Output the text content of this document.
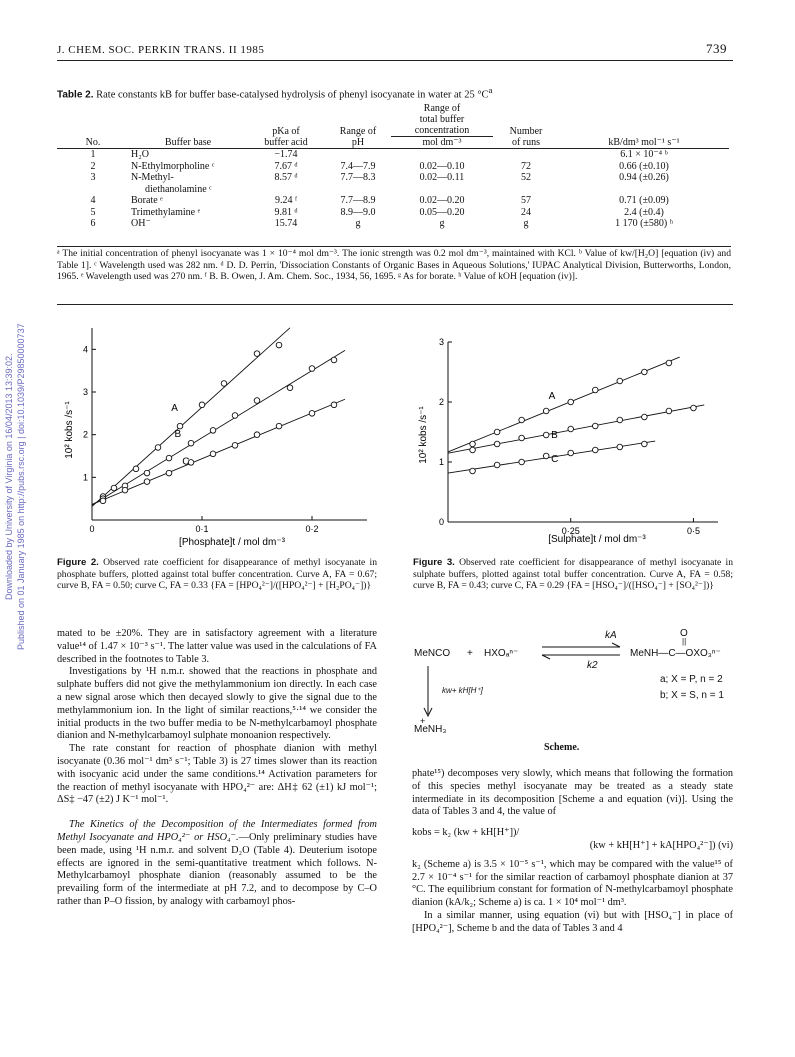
J. CHEM. SOC. PERKIN TRANS. II 1985	739
Downloaded by University of Virginia on 16/04/2013 13:39:02. Published on 01 January 1985 on http://pubs.rsc.org | doi:10.1039/P29850000737
Table 2. Rate constants kB for buffer base-catalysed hydrolysis of phenyl isocyanate in water at 25 $^\circ C^a$
				Range of		
				total buffer		
		pKa of	Range of	concentration	Number	
No.	Buffer base	buffer acid	pH	mol dm⁻³	of runs	kB/dm³ mol⁻¹ s⁻¹
1	H₂O	−1.74				6.1 × 10⁻⁴ ᵇ
2	N-Ethylmorpholine ᶜ	7.67 ᵈ	7.4—7.9	0.02—0.10	72	0.66 (±0.10)
3	N-Methyl-	8.57 ᵈ	7.7—8.3	0.02—0.11	52	0.94 (±0.26)
	diethanolamine ᶜ					
4	Borate ᵉ	9.24 ᶠ	7.7—8.9	0.02—0.20	57	0.71 (±0.09)
5	Trimethylamine ᵉ	9.81 ᵈ	8.9—9.0	0.05—0.20	24	2.4 (±0.4)
6	OH⁻	15.74	g	g	g	1 170 (±580) ʰ
ᵃ The initial concentration of phenyl isocyanate was 1 × 10⁻⁴ mol dm⁻³. The ionic strength was 0.2 mol dm⁻³, maintained with KCl. ᵇ Value of kw/[H₂O] [equation (iv) and Table 1]. ᶜ Wavelength used was 282 nm. ᵈ D. D. Perrin, 'Dissociation Constants of Organic Bases in Aqueous Solutions,' IUPAC Analytical Division, Butterworths, London, 1965. ᵉ Wavelength used was 270 nm. ᶠ B. B. Owen, J. Am. Chem. Soc., 1934, 56, 1695. ᵍ As for borate. ʰ Value of kOH [equation (iv)].
0	0·1	0·2
1
2
3
4
A
B
C
10² kobs /s⁻¹
[Phosphate]t / mol dm⁻³
Figure 2. Observed rate coefficient for disappearance of methyl isocyanate in phosphate buffers, plotted against total buffer concentration. Curve A, FA = 0.67; curve B, FA = 0.50; curve C, FA = 0.33 {FA = [HPO₄²⁻]/([HPO₄²⁻] + [H₂PO₄⁻])}
0·25	0·5
0
1
2
3
A
B
C
10² kobs /s⁻¹
[Sulphate]t / mol dm⁻³
Figure 3. Observed rate coefficient for disappearance of methyl isocyanate in sulphate buffers, plotted against total buffer concentration. Curve A, FA = 0.58; curve B, FA = 0.43; curve C, FA = 0.29 {FA = [HSO₄⁻]/([HSO₄⁻] + [SO₄²⁻])}

mated to be ±20%. They are in satisfactory agreement with a literature value¹⁴ of 1.47 × 10⁻³ s⁻¹. The latter value was used in the calculations of FA described in the footnotes to Table 3.

Investigations by ¹H n.m.r. showed that the reactions in phosphate and sulphate buffers did not give the methylammonium ion directly. In each case a new signal arose which then decayed slowly to give the signal due to the methylammonium ion. In the light of similar reactions,⁵·¹⁴ we consider the initial products in the two buffer media to be N-methylcarbamoyl phosphate dianion and N-methylcarbamoyl sulphate monoanion respectively.

The rate constant for reaction of phosphate dianion with methyl isocyanate (0.36 mol⁻¹ dm³ s⁻¹; Table 3) is 27 times slower than its reaction with isocyanic acid under the same conditions.¹⁴ Activation parameters for the reaction of methyl isocyanate with HPO₄²⁻ are: ΔH‡ 62 (±1) kJ mol⁻¹; ΔS‡ −47 (±2) J K⁻¹ mol⁻¹.

The Kinetics of the Decomposition of the Intermediates formed from Methyl Isocyanate and HPO₄²⁻ or HSO₄⁻.—Only preliminary studies have been made, using ¹H n.m.r. and solvent D₂O (Table 4). Deuterium isotope effects are ignored in the semi-quantitative treatment which follows. N-Methylcarbamoyl phosphate dianion (reasonably assumed to be the prevailing form of the intermediate at pH 7.2, and to decompose by C–O rather than P–O fission, by analogy with carbamoyl phos-

MeNCO + HXOₐⁿ⁻
kA
k2
O
||
MeNH—C—OXO₃ⁿ⁻
a; X = P, n = 2
b; X = S, n = 1
kw+ kH[H⁺]
+
MeNH₃
Scheme.

phate¹⁵) decomposes very slowly, which means that following the formation of this species methyl isocyanate may be treated as a steady state intermediate in its decomposition [Scheme a and equation (vi)]. Using the data of Tables 3 and 4, the value of

kobs = k₂ (kw + kH[H⁺])/

(kw + kH[H⁺] + kA[HPO₄²⁻]) (vi)

k₂ (Scheme a) is 3.5 × 10⁻⁵ s⁻¹, which may be compared with the value¹⁵ of 2.7 × 10⁻⁴ s⁻¹ for the similar reaction of carbamoyl phosphate dianion at 37 °C. The equilibrium constant for formation of N-methylcarbamoyl phosphate dianion (kA/k₂; Scheme a) is ca. 1 × 10⁴ mol⁻¹ dm³.

In a similar manner, using equation (vi) but with [HSO₄⁻] in place of [HPO₄²⁻], Scheme b and the data of Tables 3 and 4
